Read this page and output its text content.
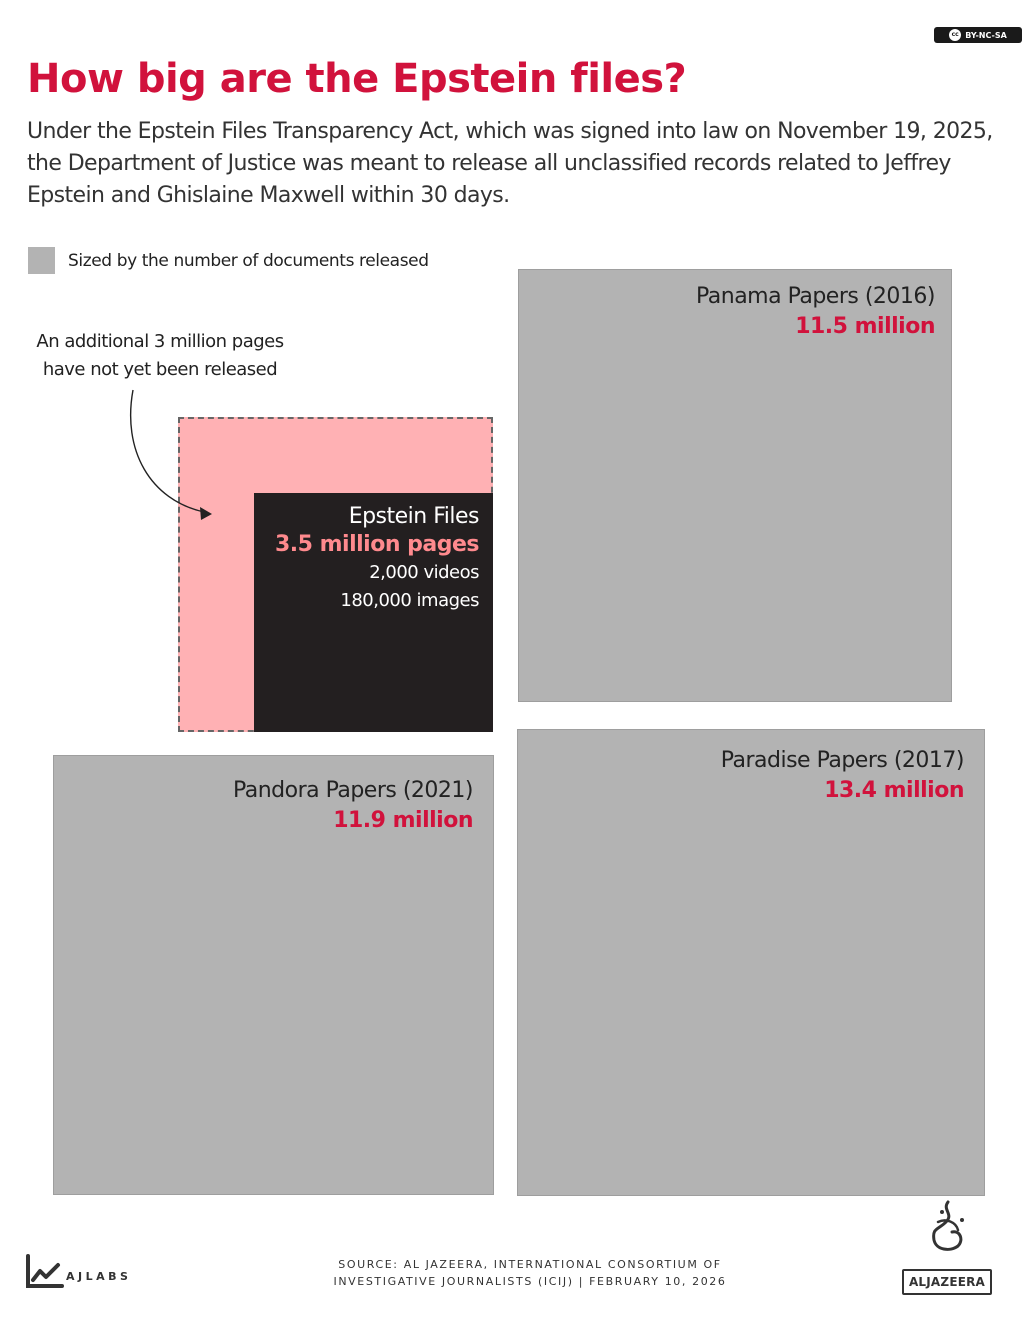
cc BY-NC-SA
How big are the Epstein files?

Under the Epstein Files Transparency Act, which was signed into law on November 19, 2025, the Department of Justice was meant to release all unclassified records related to Jeffrey Epstein and Ghislaine Maxwell within 30 days.

Sized by the number of documents released
An additional 3 million pages
have not yet been released
Panama Papers (2016)
11.5 million
Epstein Files
3.5 million pages
2,000 videos
180,000 images
Pandora Papers (2021)
11.9 million
Paradise Papers (2017)
13.4 million
AJLABS
SOURCE: AL JAZEERA, INTERNATIONAL CONSORTIUM OF
INVESTIGATIVE JOURNALISTS (ICIJ) | FEBRUARY 10, 2026	ALJAZEERA
